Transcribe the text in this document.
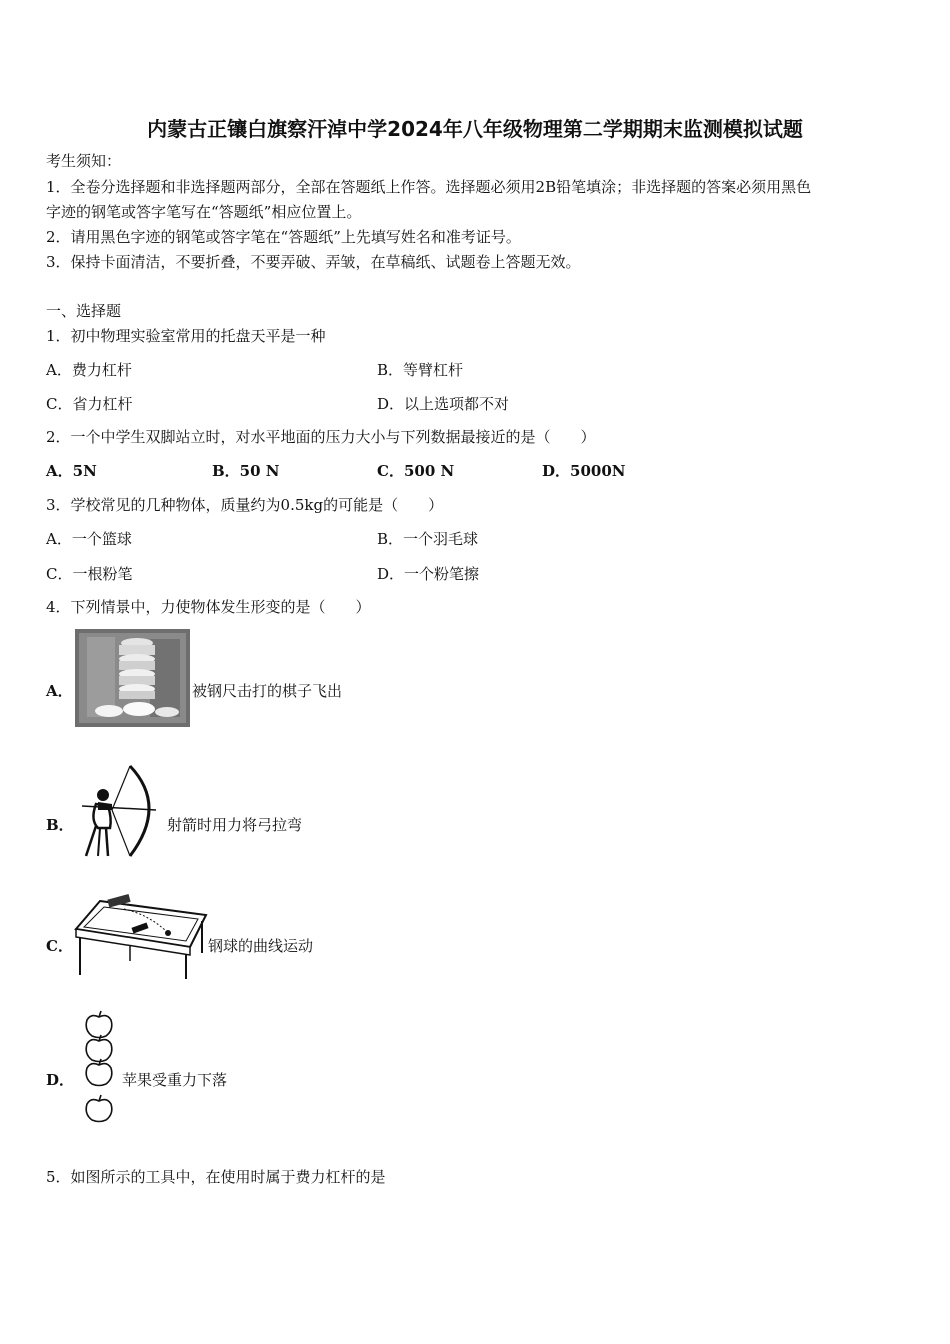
内蒙古正镶白旗察汗淖中学2024年八年级物理第二学期期末监测模拟试题
考生须知：
1．全卷分选择题和非选择题两部分，全部在答题纸上作答。选择题必须用2B铅笔填涂；非选择题的答案必须用黑色
字迹的钢笔或答字笔写在“答题纸”相应位置上。
2．请用黑色字迹的钢笔或答字笔在“答题纸”上先填写姓名和准考证号。
3．保持卡面清洁，不要折叠，不要弄破、弄皱，在草稿纸、试题卷上答题无效。
一、选择题
1．初中物理实验室常用的托盘天平是一种
A．费力杠杆	B．等臂杠杆
C．省力杠杆	D．以上选项都不对
2．一个中学生双脚站立时，对水平地面的压力大小与下列数据最接近的是（　　）
A．5N	B．50 N	C．500 N	D．5000N
3．学校常见的几种物体，质量约为0.5kg的可能是（　　）
A．一个篮球	B．一个羽毛球
C．一根粉笔	D．一个粉笔擦
4．下列情景中，力使物体发生形变的是（　　）
A．	被钢尺击打的棋子飞出
B．	射箭时用力将弓拉弯
C．	钢球的曲线运动
D．	苹果受重力下落
5．如图所示的工具中，在使用时属于费力杠杆的是
